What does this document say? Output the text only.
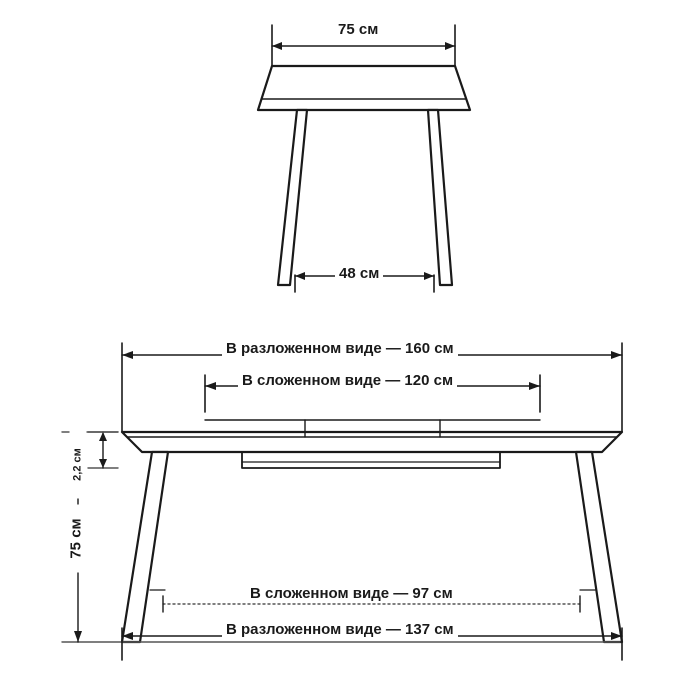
75 см
48 см
В разложенном виде — 160 см
В сложенном виде — 120 см
2,2 см
75 см
В сложенном виде — 97 см
В разложенном виде — 137 см
